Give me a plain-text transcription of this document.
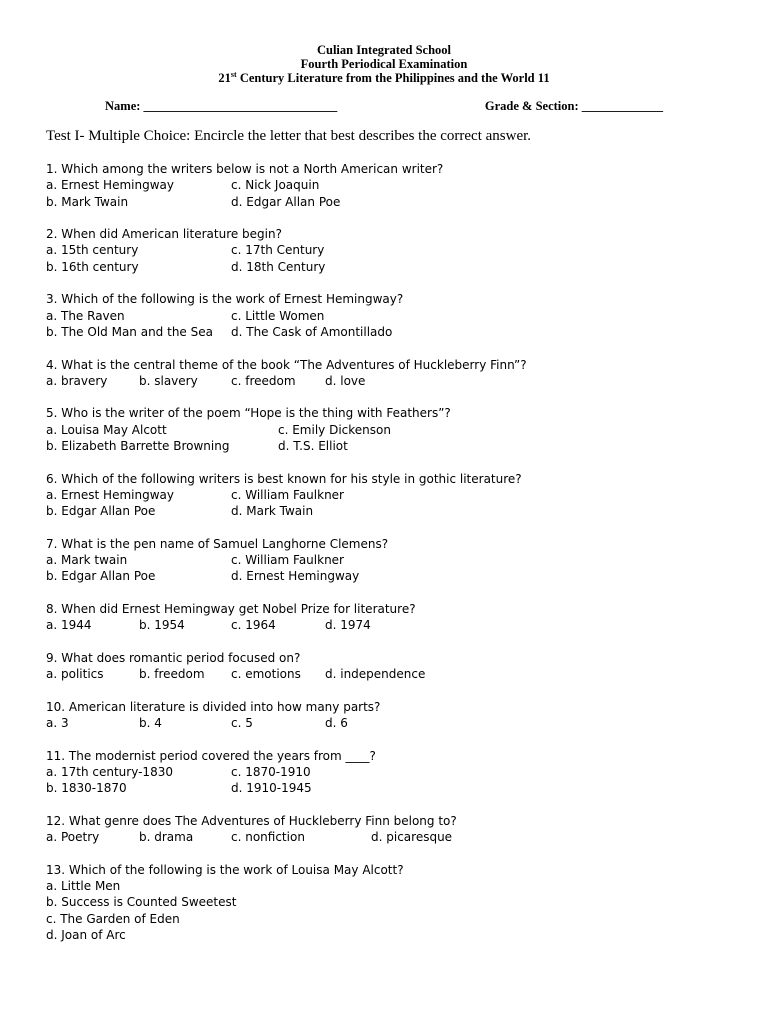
Culian Integrated School
Fourth Periodical Examination
21st Century Literature from the Philippines and the World 11
Name: _______________________________	Grade & Section: _____________
Test I- Multiple Choice: Encircle the letter that best describes the correct answer.
1. Which among the writers below is not a North American writer?
a. Ernest Hemingway	c. Nick Joaquin
b. Mark Twain	d. Edgar Allan Poe
2. When did American literature begin?
a. 15th century	c. 17th Century
b. 16th century	d. 18th Century
3. Which of the following is the work of Ernest Hemingway?
a. The Raven	c. Little Women
b. The Old Man and the Sea d. The Cask of Amontillado
4. What is the central theme of the book “The Adventures of Huckleberry Finn”?
a. bravery	b. slavery	c. freedom d. love
5. Who is the writer of the poem “Hope is the thing with Feathers”?
a. Louisa May Alcott	c. Emily Dickenson
b. Elizabeth Barrette Browning	d. T.S. Elliot
6. Which of the following writers is best known for his style in gothic literature?
a. Ernest Hemingway	c. William Faulkner
b. Edgar Allan Poe	d. Mark Twain
7. What is the pen name of Samuel Langhorne Clemens?
a. Mark twain	c. William Faulkner
b. Edgar Allan Poe	d. Ernest Hemingway
8. When did Ernest Hemingway get Nobel Prize for literature?
a. 1944	b. 1954	c. 1964	d. 1974
9. What does romantic period focused on?
a. politics	b. freedom c. emotions d. independence
10. American literature is divided into how many parts?
a. 3	b. 4	c. 5	d. 6
11. The modernist period covered the years from ____?
a. 17th century-1830	c. 1870-1910
b. 1830-1870	d. 1910-1945
12. What genre does The Adventures of Huckleberry Finn belong to?
a. Poetry	b. drama	c. nonfiction	d. picaresque
13. Which of the following is the work of Louisa May Alcott?
a. Little Men
b. Success is Counted Sweetest
c. The Garden of Eden
d. Joan of Arc
